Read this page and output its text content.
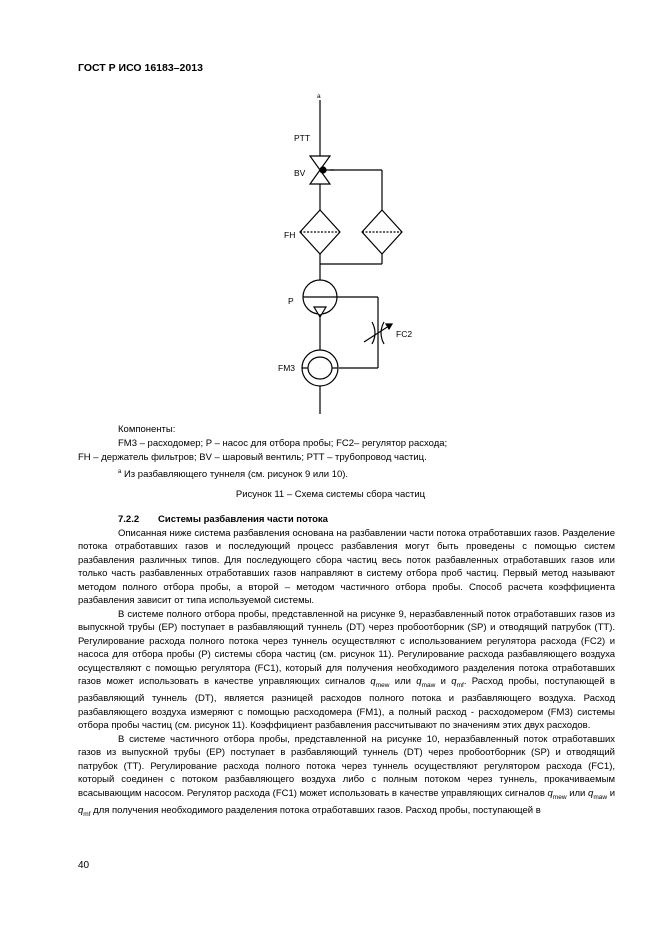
ГОСТ Р ИСО 16183–2013
a
PTT
BV
FH
P
FC2
FM3
Компоненты:
FM3 – расходомер; P – насос для отбора пробы; FC2– регулятор расхода;
FH – держатель фильтров; BV – шаровый вентиль; PTT – трубопровод частиц.
$^a$ Из разбавляющего туннеля (см. рисунок 9 или 10).
Рисунок 11 – Схема системы сбора частиц
7.2.2 Системы разбавления части потока

Описанная ниже система разбавления основана на разбавлении части потока отработавших газов. Разделение потока отработавших газов и последующий процесс разбавления могут быть проведены с помощью систем разбавления различных типов. Для последующего сбора частиц весь поток разбавленных отработавших газов или только часть разбавленных отработавших газов направляют в систему отбора проб частиц. Первый метод называют методом полного отбора пробы, а второй – методом частичного отбора пробы. Способ расчета коэффициента разбавления зависит от типа используемой системы.

В системе полного отбора пробы, представленной на рисунке 9, неразбавленный поток отработавших газов из выпускной трубы (EP) поступает в разбавляющий туннель (DT) через пробоотборник (SP) и отводящий патрубок (TT). Регулирование расхода полного потока через туннель осуществляют с использованием регулятора расхода (FC2) и насоса для отбора пробы (P) системы сбора частиц (см. рисунок 11). Регулирование расхода разбавляющего воздуха осуществляют с помощью регулятора (FC1), который для получения необходимого разделения потока отработавших газов может использовать в качестве управляющих сигналов $q_{mew}$ или $q_{maw}$ и $q_{mf}$. Расход пробы, поступающей в разбавляющий туннель (DT), является разницей расходов полного потока и разбавляющего воздуха. Расход разбавляющего воздуха измеряют с помощью расходомера (FM1), а полный расход - расходомером (FM3) системы отбора пробы частиц (см. рисунок 11). Коэффициент разбавления рассчитывают по значениям этих двух расходов.

В системе частичного отбора пробы, представленной на рисунке 10, неразбавленный поток отработавших газов из выпускной трубы (EP) поступает в разбавляющий туннель (DT) через пробоотборник (SP) и отводящий патрубок (TT). Регулирование расхода полного потока через туннель осуществляют регулятором расхода (FC1), который соединен с потоком разбавляющего воздуха либо с полным потоком через туннель, прокачиваемым всасывающим насосом. Регулятор расхода (FC1) может использовать в качестве управляющих сигналов $q_{mew}$ или $q_{maw}$ и $q_{mf}$ для получения необходимого разделения потока отработавших газов. Расход пробы, поступающей в

40
